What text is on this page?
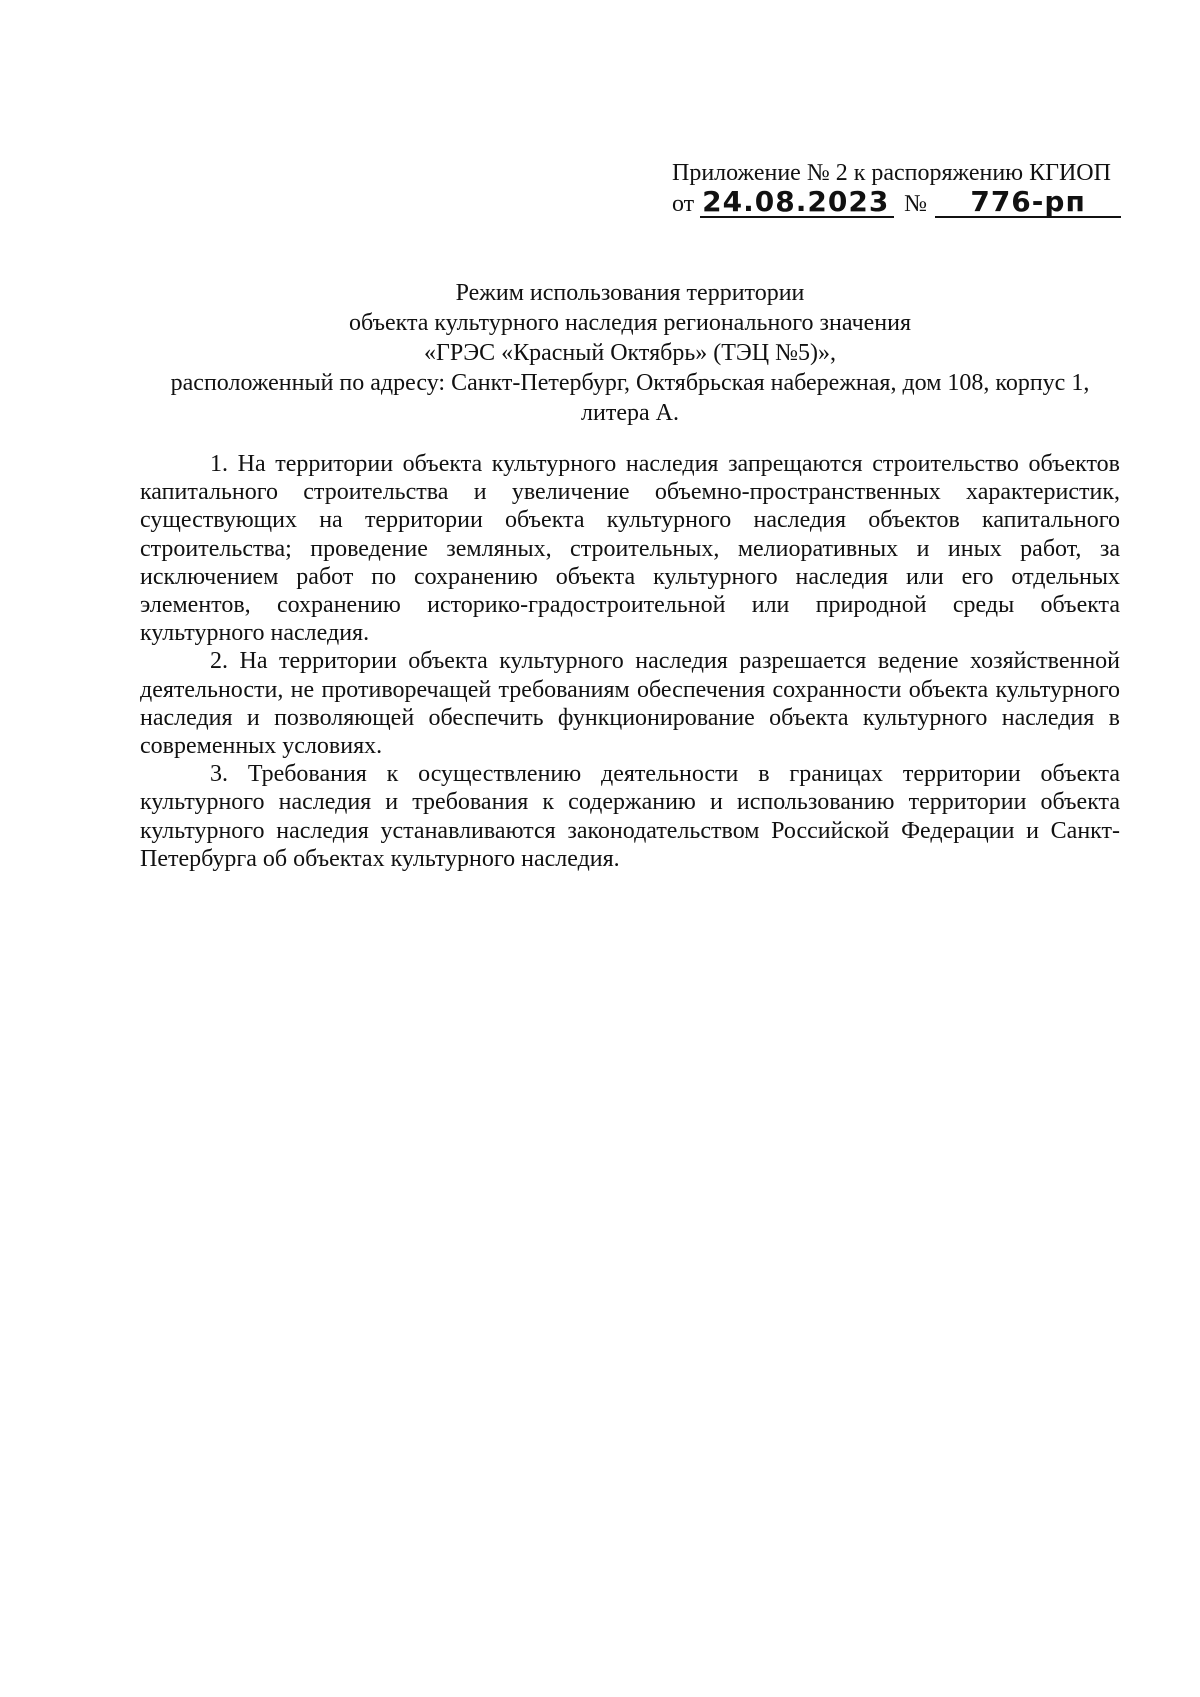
Приложение № 2 к распоряжению КГИОП
от 24.08.2023 № 776-рп
Режим использования территории
объекта культурного наследия регионального значения
«ГРЭС «Красный Октябрь» (ТЭЦ №5)»,
расположенный по адресу: Санкт-Петербург, Октябрьская набережная, дом 108, корпус 1,
литера А.

1. На территории объекта культурного наследия запрещаются строительство объектов капитального строительства и увеличение объемно-пространственных характеристик, существующих на территории объекта культурного наследия объектов капитального строительства; проведение земляных, строительных, мелиоративных и иных работ, за исключением работ по сохранению объекта культурного наследия или его отдельных элементов, сохранению историко-градостроительной или природной среды объекта культурного наследия.

2. На территории объекта культурного наследия разрешается ведение хозяйственной деятельности, не противоречащей требованиям обеспечения сохранности объекта культурного наследия и позволяющей обеспечить функционирование объекта культурного наследия в современных условиях.

3. Требования к осуществлению деятельности в границах территории объекта культурного наследия и требования к содержанию и использованию территории объекта культурного наследия устанавливаются законодательством Российской Федерации и Санкт-Петербурга об объектах культурного наследия.
